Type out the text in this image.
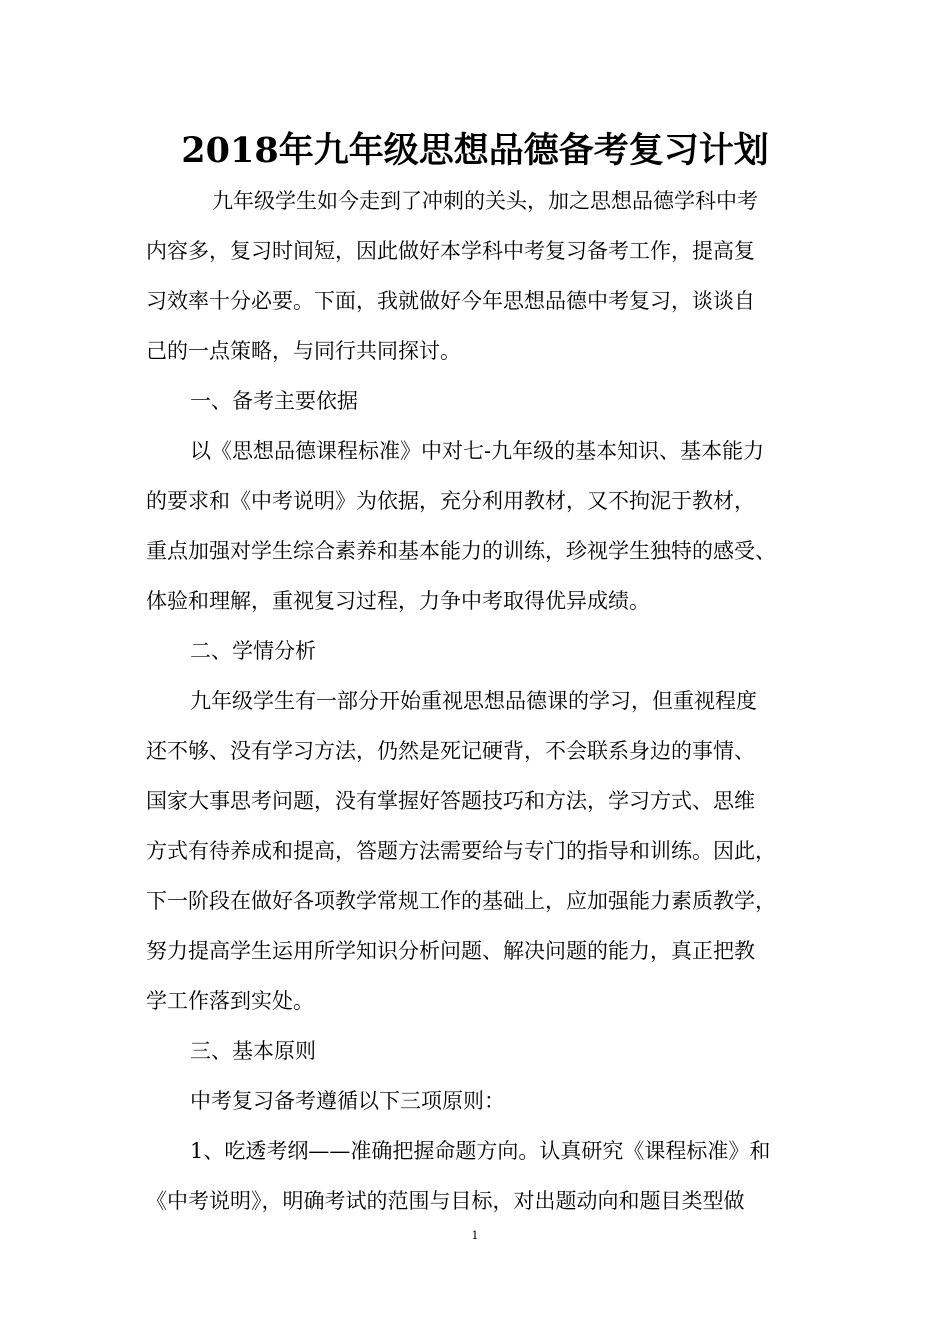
2018年九年级思想品德备考复习计划
九年级学生如今走到了冲刺的关头，加之思想品德学科中考
内容多，复习时间短，因此做好本学科中考复习备考工作，提高复
习效率十分必要。下面，我就做好今年思想品德中考复习，谈谈自
己的一点策略，与同行共同探讨。
一、备考主要依据
以《思想品德课程标准》中对七-九年级的基本知识、基本能力
的要求和《中考说明》为依据，充分利用教材，又不拘泥于教材，
重点加强对学生综合素养和基本能力的训练，珍视学生独特的感受、
体验和理解，重视复习过程，力争中考取得优异成绩。
二、学情分析
九年级学生有一部分开始重视思想品德课的学习，但重视程度
还不够、没有学习方法，仍然是死记硬背，不会联系身边的事情、
国家大事思考问题，没有掌握好答题技巧和方法，学习方式、思维
方式有待养成和提高，答题方法需要给与专门的指导和训练。因此，
下一阶段在做好各项教学常规工作的基础上，应加强能力素质教学，
努力提高学生运用所学知识分析问题、解决问题的能力，真正把教
学工作落到实处。
三、基本原则
中考复习备考遵循以下三项原则：
1、吃透考纲——准确把握命题方向。认真研究《课程标准》和
《中考说明》，明确考试的范围与目标，对出题动向和题目类型做
1
